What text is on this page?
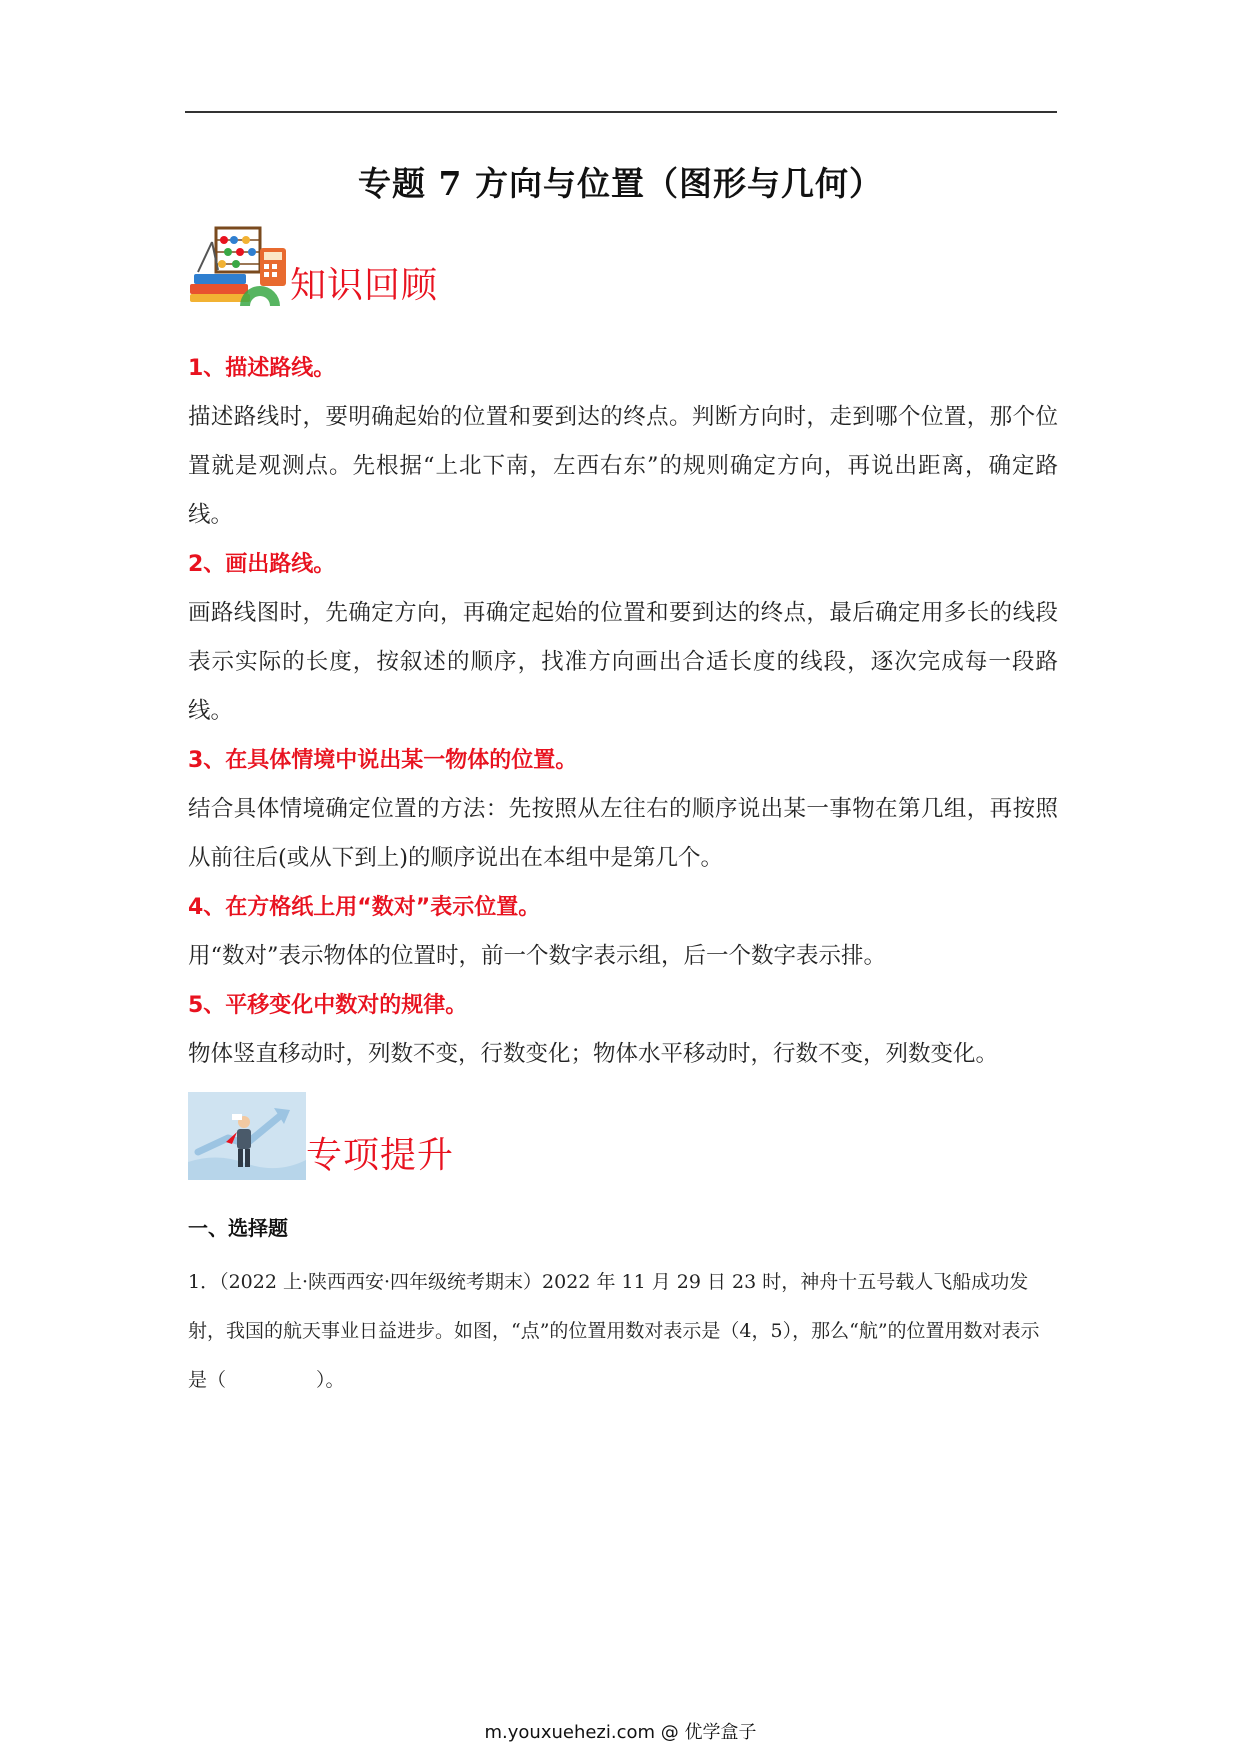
专题 7 方向与位置（图形与几何）
知识回顾
1、描述路线。
描述路线时，要明确起始的位置和要到达的终点。判断方向时，走到哪个位置，那个位置就是观测点。先根据“上北下南，左西右东”的规则确定方向，再说出距离，确定路线。
2、画出路线。
画路线图时，先确定方向，再确定起始的位置和要到达的终点，最后确定用多长的线段表示实际的长度，按叙述的顺序，找准方向画出合适长度的线段，逐次完成每一段路线。
3、在具体情境中说出某一物体的位置。
结合具体情境确定位置的方法：先按照从左往右的顺序说出某一事物在第几组，再按照从前往后(或从下到上)的顺序说出在本组中是第几个。
4、在方格纸上用“数对”表示位置。
用“数对”表示物体的位置时，前一个数字表示组，后一个数字表示排。
5、平移变化中数对的规律。
物体竖直移动时，列数不变，行数变化；物体水平移动时，行数不变，列数变化。
专项提升
一、选择题
1．（2022 上·陕西西安·四年级统考期末）2022 年 11 月 29 日 23 时，神舟十五号载人飞船成功发射，我国的航天事业日益进步。如图，“点”的位置用数对表示是（4，5），那么“航”的位置用数对表示是（	）。
m.youxuehezi.com @ 优学盒子
